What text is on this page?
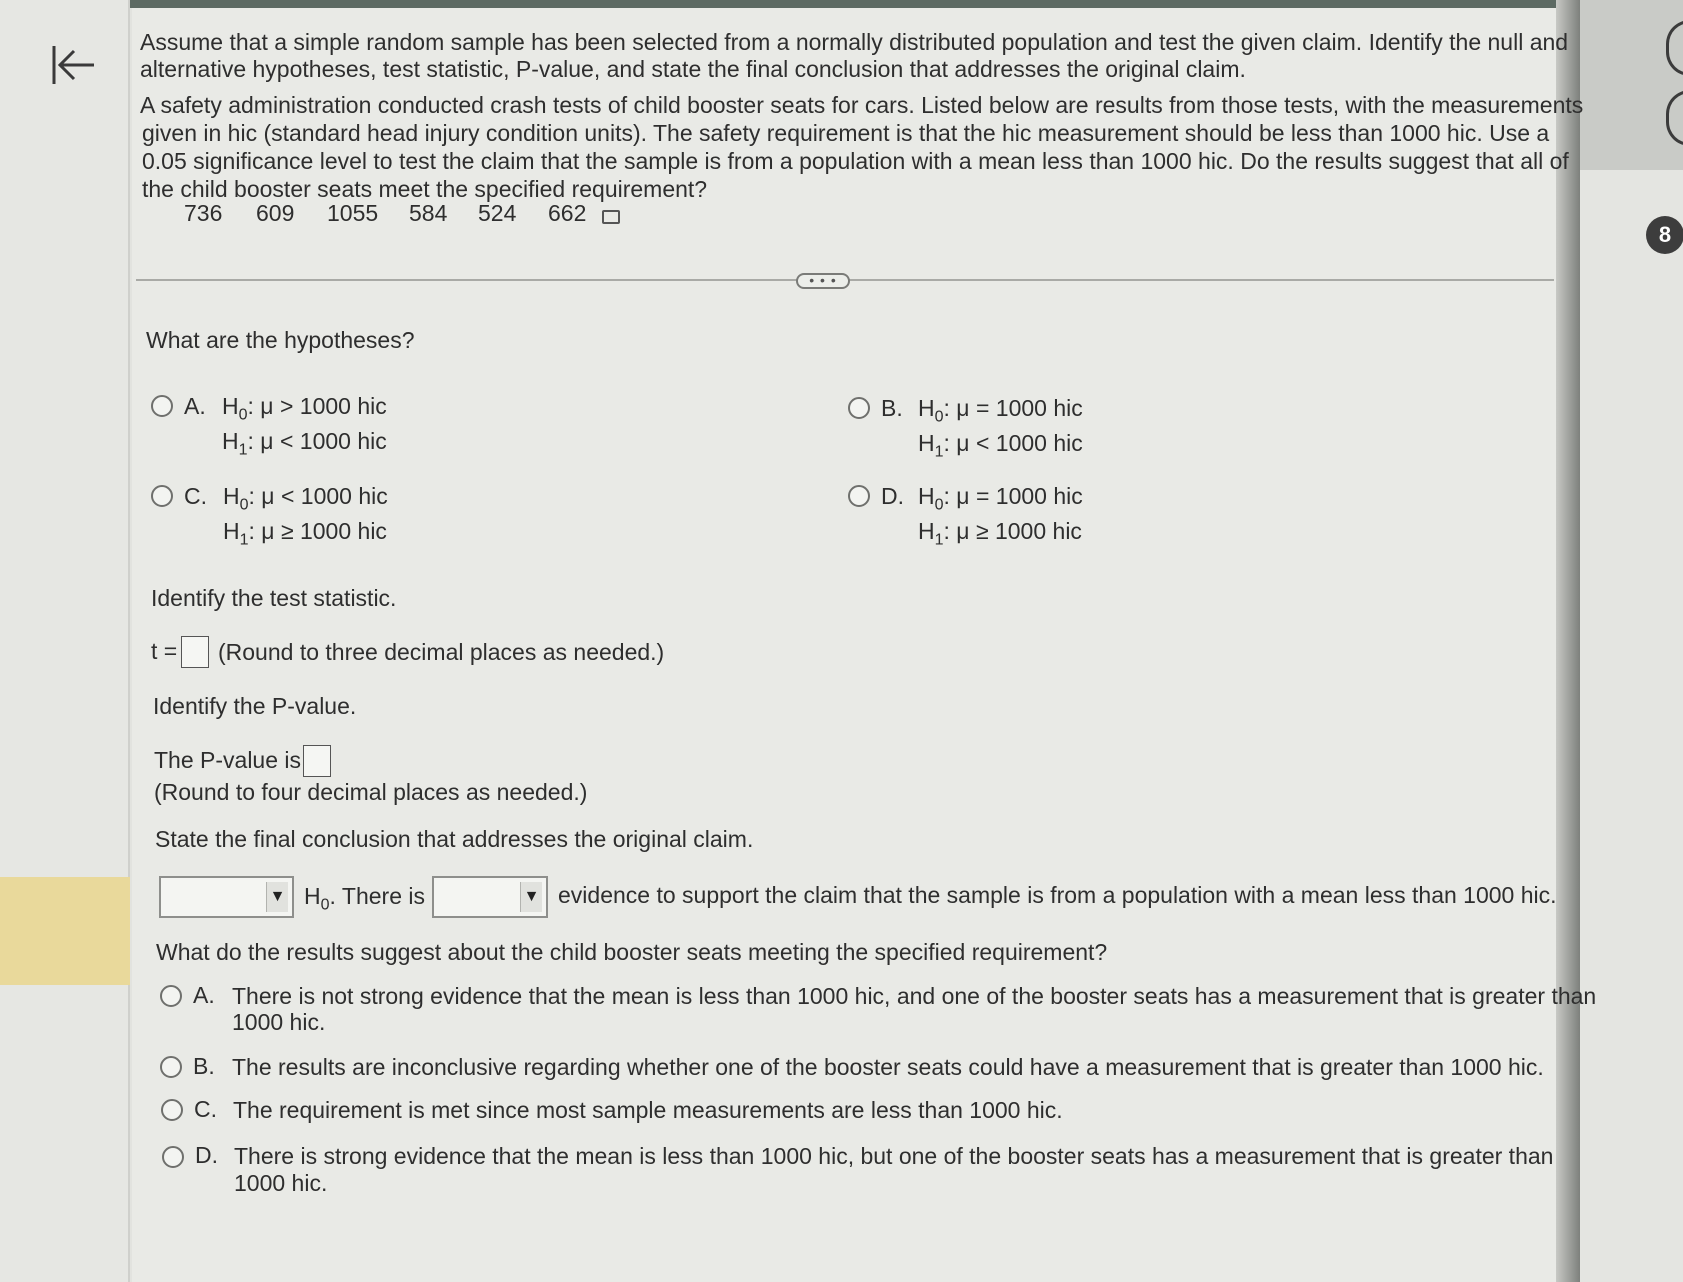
8
Assume that a simple random sample has been selected from a normally distributed population and test the given claim. Identify the null and
alternative hypotheses, test statistic, P-value, and state the final conclusion that addresses the original claim.
A safety administration conducted crash tests of child booster seats for cars. Listed below are results from those tests, with the measurements
given in hic (standard head injury condition units). The safety requirement is that the hic measurement should be less than 1000 hic. Use a
0.05 significance level to test the claim that the sample is from a population with a mean less than 1000 hic. Do the results suggest that all of
the child booster seats meet the specified requirement?
736 609 1055 584 524 662
• • •
What are the hypotheses?
A. $H_0$: μ > 1000 hic
$H_1$: μ < 1000 hic
B. $H_0$: μ = 1000 hic
$H_1$: μ < 1000 hic
C. $H_0$: μ < 1000 hic
$H_1$: μ ≥ 1000 hic
D. $H_0$: μ = 1000 hic
$H_1$: μ ≥ 1000 hic
Identify the test statistic.
t = (Round to three decimal places as needed.)
Identify the P-value.
The P-value is
(Round to four decimal places as needed.)
State the final conclusion that addresses the original claim.
▼ $H_0$. There is	▼ evidence to support the claim that the sample is from a population with a mean less than 1000 hic.
What do the results suggest about the child booster seats meeting the specified requirement?
A. There is not strong evidence that the mean is less than 1000 hic, and one of the booster seats has a measurement that is greater than
1000 hic.
B. The results are inconclusive regarding whether one of the booster seats could have a measurement that is greater than 1000 hic.
C. The requirement is met since most sample measurements are less than 1000 hic.
D. There is strong evidence that the mean is less than 1000 hic, but one of the booster seats has a measurement that is greater than
1000 hic.
